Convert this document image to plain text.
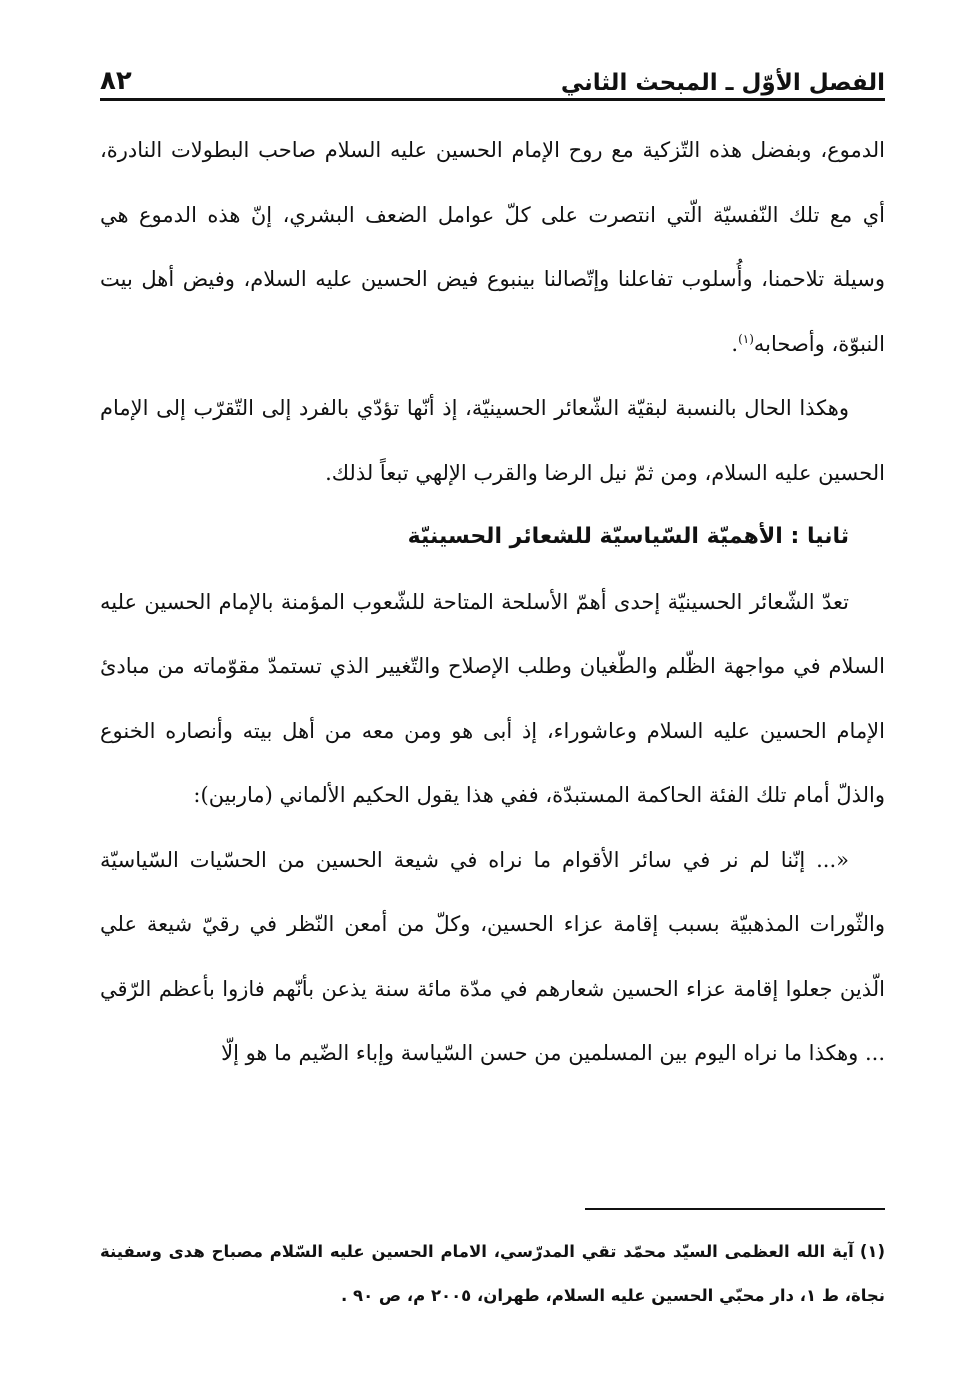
الفصل الأوّل ـ المبحث الثاني
٨٢

الدموع، وبفضل هذه التّزكية مع روح الإمام الحسين عليه السلام صاحب البطولات النادرة، أي مع تلك النّفسيّة الّتي انتصرت على كلّ عوامل الضعف البشري، إنّ هذه الدموع هي وسيلة تلاحمنا، وأُسلوب تفاعلنا وإتّصالنا بينبوع فيض الحسين عليه السلام، وفيض أهل بيت النبوّة، وأصحابه$^{(١)}$.

وهكذا الحال بالنسبة لبقيّة الشّعائر الحسينيّة، إذ أنّها تؤدّي بالفرد إلى التّقرّب إلى الإمام الحسين عليه السلام، ومن ثمّ نيل الرضا والقرب الإلهي تبعاً لذلك.

ثانيا : الأهميّة السّياسيّة للشعائر الحسينيّة

تعدّ الشّعائر الحسينيّة إحدى أهمّ الأسلحة المتاحة للشّعوب المؤمنة بالإمام الحسين عليه السلام في مواجهة الظّلم والطّغيان وطلب الإصلاح والتّغيير الذي تستمدّ مقوّماته من مبادئ الإمام الحسين عليه السلام وعاشوراء، إذ أبى هو ومن معه من أهل بيته وأنصاره الخنوع والذلّ أمام تلك الفئة الحاكمة المستبدّة، ففي هذا يقول الحكيم الألماني (ماربين):

«... إنّنا لم نر في سائر الأقوام ما نراه في شيعة الحسين من الحسّيات السّياسيّة والثّورات المذهبيّة بسبب إقامة عزاء الحسين، وكلّ من أمعن النّظر في رقيّ شيعة علي الّذين جعلوا إقامة عزاء الحسين شعارهم في مدّة مائة سنة يذعن بأنّهم فازوا بأعظم الرّقي ... وهكذا ما نراه اليوم بين المسلمين من حسن السّياسة وإباء الضّيم ما هو إلّا

(١)آية الله العظمى السيّد محمّد تقي المدرّسي، الامام الحسين عليه السّلام مصباح هدى وسفينة نجاة، ط ١، دار محبّي الحسين عليه السلام، طهران، ٢٠٠٥ م، ص ٩٠ .
